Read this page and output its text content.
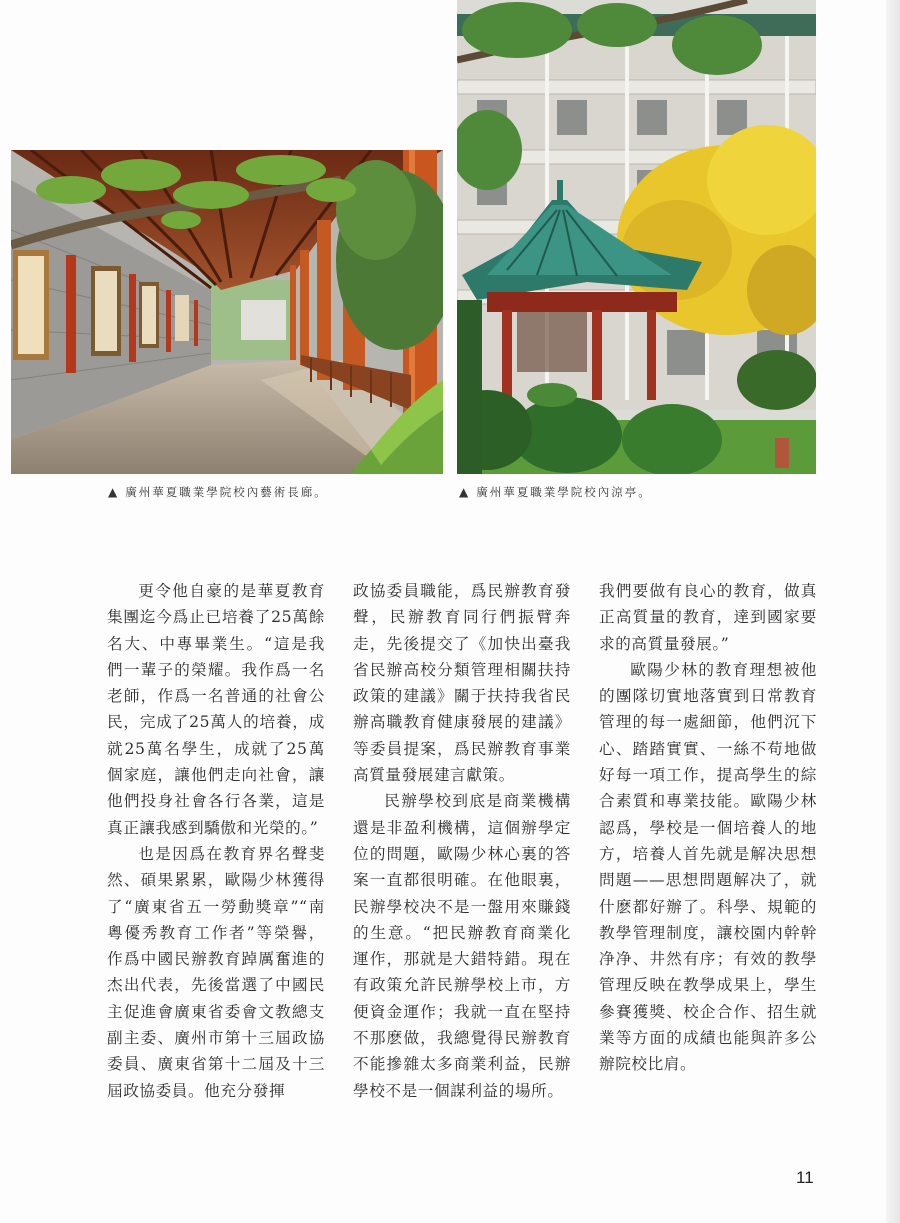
▲ 廣州華夏職業學院校內藝術長廊。	▲ 廣州華夏職業學院校內涼亭。

更令他自豪的是華夏教育集團迄今爲止已培養了25萬餘名大、中專畢業生。“這是我們一輩子的榮耀。我作爲一名老師，作爲一名普通的社會公民，完成了25萬人的培養，成就25萬名學生，成就了25萬個家庭，讓他們走向社會，讓他們投身社會各行各業，這是真正讓我感到驕傲和光榮的。”

也是因爲在教育界名聲斐然、碩果累累，歐陽少林獲得了“廣東省五一勞動獎章”“南粵優秀教育工作者”等榮譽，作爲中國民辦教育踔厲奮進的杰出代表，先後當選了中國民主促進會廣東省委會文教總支副主委、廣州市第十三屆政協委員、廣東省第十二屆及十三屆政協委員。他充分發揮

政協委員職能，爲民辦教育發聲，民辦教育同行們振臂奔走，先後提交了《加快出臺我省民辦高校分類管理相關扶持政策的建議》關于扶持我省民辦高職教育健康發展的建議》等委員提案，爲民辦教育事業高質量發展建言獻策。

民辦學校到底是商業機構還是非盈利機構，這個辦學定位的問題，歐陽少林心裏的答案一直都很明確。在他眼裏，民辦學校决不是一盤用來賺錢的生意。“把民辦教育商業化運作，那就是大錯特錯。現在有政策允許民辦學校上市，方便資金運作；我就一直在堅持不那麽做，我總覺得民辦教育不能摻雜太多商業利益，民辦學校不是一個謀利益的場所。

我們要做有良心的教育，做真正高質量的教育，達到國家要求的高質量發展。”

歐陽少林的教育理想被他的團隊切實地落實到日常教育管理的每一處細節，他們沉下心、踏踏實實、一絲不苟地做好每一項工作，提高學生的綜合素質和專業技能。歐陽少林認爲，學校是一個培養人的地方，培養人首先就是解决思想問題——思想問題解决了，就什麽都好辦了。科學、規範的教學管理制度，讓校園内幹幹净净、井然有序；有效的教學管理反映在教學成果上，學生參賽獲獎、校企合作、招生就業等方面的成績也能與許多公辦院校比肩。

11
